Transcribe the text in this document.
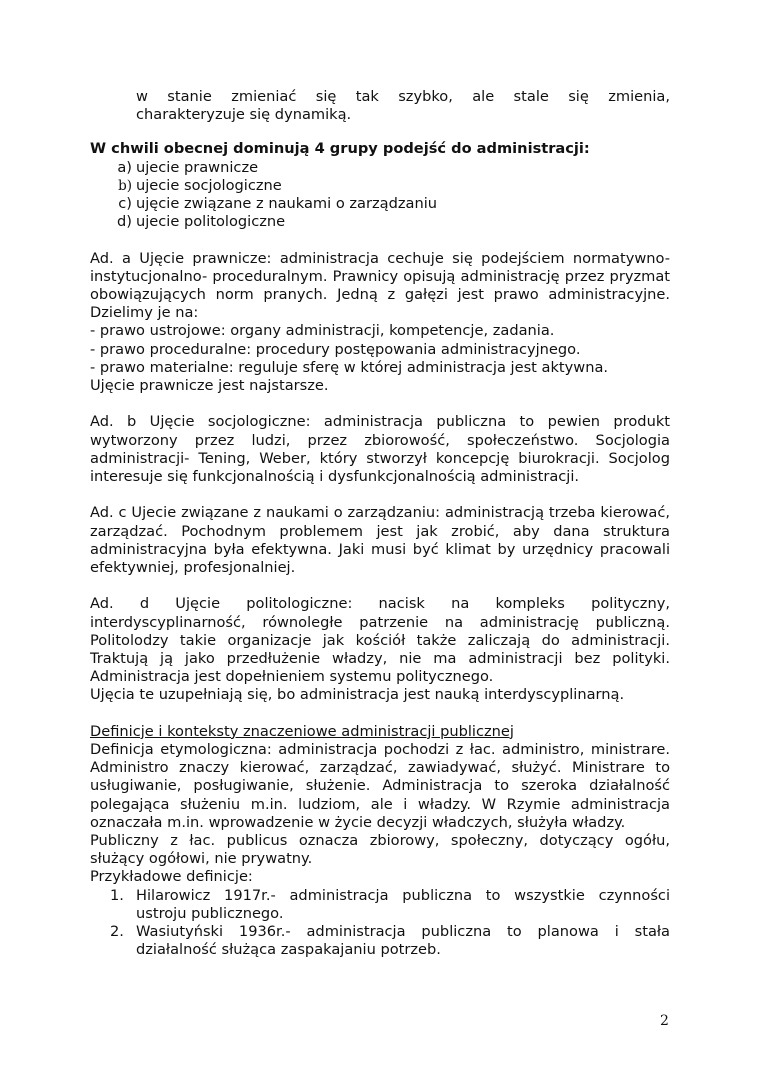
w stanie zmieniać się tak szybko, ale stale się zmienia,

charakteryzuje się dynamiką.

W chwili obecnej dominują 4 grupy podejść do administracji:

a) ujecie prawnicze
b) ujecie socjologiczne
c) ujęcie związane z naukami o zarządzaniu
d) ujecie politologiczne

Ad. a Ujęcie prawnicze: administracja cechuje się podejściem normatywno-instytucjonalno- proceduralnym. Prawnicy opisują administrację przez pryzmat obowiązujących norm pranych. Jedną z gałęzi jest prawo administracyjne. Dzielimy je na:

- prawo ustrojowe: organy administracji, kompetencje, zadania.

- prawo proceduralne: procedury postępowania administracyjnego.

- prawo materialne: reguluje sferę w której administracja jest aktywna.

Ujęcie prawnicze jest najstarsze.

Ad. b Ujęcie socjologiczne: administracja publiczna to pewien produkt wytworzony przez ludzi, przez zbiorowość, społeczeństwo. Socjologia administracji- Tening, Weber, który stworzył koncepcję biurokracji. Socjolog interesuje się funkcjonalnością i dysfunkcjonalnością administracji.

Ad. c Ujecie związane z naukami o zarządzaniu: administracją trzeba kierować, zarządzać. Pochodnym problemem jest jak zrobić, aby dana struktura administracyjna była efektywna. Jaki musi być klimat by urzędnicy pracowali efektywniej, profesjonalniej.

Ad. d Ujęcie politologiczne: nacisk na kompleks polityczny, interdyscyplinarność, równoległe patrzenie na administrację publiczną. Politolodzy takie organizacje jak kościół także zaliczają do administracji. Traktują ją jako przedłużenie władzy, nie ma administracji bez polityki. Administracja jest dopełnieniem systemu politycznego.

Ujęcia te uzupełniają się, bo administracja jest nauką interdyscyplinarną.

Definicje i konteksty znaczeniowe administracji publicznej

Definicja etymologiczna: administracja pochodzi z łac. administro, ministrare. Administro znaczy kierować, zarządzać, zawiadywać, służyć. Ministrare to usługiwanie, posługiwanie, służenie. Administracja to szeroka działalność polegająca służeniu m.in. ludziom, ale i władzy. W Rzymie administracja oznaczała m.in. wprowadzenie w życie decyzji władczych, służyła władzy.

Publiczny z łac. publicus oznacza zbiorowy, społeczny, dotyczący ogółu, służący ogółowi, nie prywatny.

Przykładowe definicje:

1. Hilarowicz 1917r.- administracja publiczna to wszystkie czynności ustroju publicznego.
2. Wasiutyński 1936r.- administracja publiczna to planowa i stała działalność służąca zaspakajaniu potrzeb.
2
